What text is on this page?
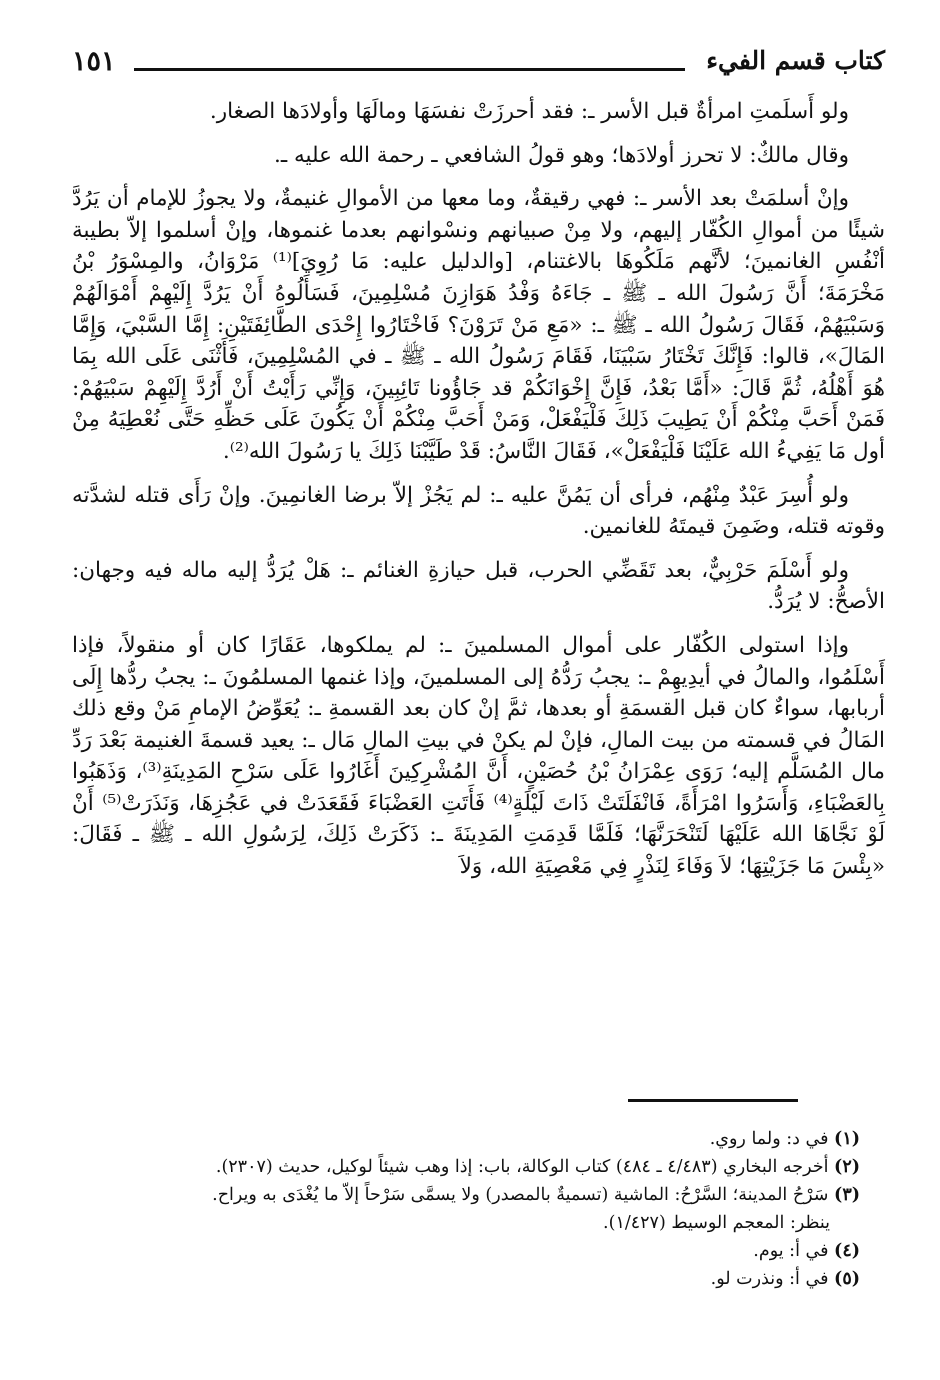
١٥١	كتاب قسم الفيء

ولو أَسلَمتِ امرأةٌ قبل الأسر ـ: فقد أحرزَتْ نفسَهَا ومالَهَا وأولادَها الصغار.

وقال مالكٌ: لا تحرز أولادَها؛ وهو قولُ الشافعي ـ رحمة الله عليه ـ.

وإنْ أسلمَتْ بعد الأسر ـ: فهي رقيقةٌ، وما معها من الأموالِ غنيمةٌ، ولا يجوزُ للإمام أن يَرُدَّ شيئًا من أموالِ الكُفّار إليهم، ولا مِنْ صبيانهم ونسْوانهم بعدما غنموها، وإنْ أسلموا إلاّ بطيبة أنْفُسِ الغانمينَ؛ لأنَّهم مَلَكُوهَا بالاغتنام، [والدليل عليه: مَا رُوِيَ]⁽¹⁾ مَرْوَانُ، والمِسْوَرُ بْنُ مَخْرَمَةَ؛ أَنَّ رَسُولَ الله ـ ﷺ ـ جَاءَهُ وَفْدُ هَوَازِنَ مُسْلِمِينَ، فَسَأَلُوهُ أَنْ يَرُدَّ إِلَيْهِمْ أَمْوَالَهُمْ وَسَبْيَهُمْ، فَقَالَ رَسُولُ الله ـ ﷺ ـ: «مَعِ مَنْ تَرَوْنَ؟ فَاخْتَارُوا إِحْدَى الطَّائِفَتَيْنِ: إِمَّا السَّبْيَ، وَإِمَّا المَالَ»، قالوا: فَإِنَّكَ تَخْتَارُ سَبْيَنَا، فَقَامَ رَسُولُ الله ـ ﷺ ـ في المُسْلِمِينَ، فَأَثْنَى عَلَى الله بِمَا هُوَ أَهْلُهُ، ثُمَّ قَالَ: «أَمَّا بَعْدُ، فَإِنَّ إِخْوَانَكُمْ قد جَاؤُونا تَائِبِينَ، وَإِنِّي رَأَيْتُ أَنْ أَرُدَّ إِلَيْهِمْ سَبْيَهُمْ: فَمَنْ أَحَبَّ مِنْكُمْ أَنْ يَطِيبَ ذَلِكَ فَلْيَفْعَلْ، وَمَنْ أَحَبَّ مِنْكُمْ أَنْ يَكُونَ عَلَى حَظِّهِ حَتَّى نُعْطِيَهُ مِنْ أول مَا يَفِيءُ الله عَلَيْنَا فَلْيَفْعَلْ»، فَقَالَ النَّاسُ: قَدْ طَيَّبْنَا ذَلِكَ يا رَسُولَ الله⁽²⁾.

ولو أُسِرَ عَبْدٌ مِنْهُم، فرأى أن يَمُنَّ عليه ـ: لم يَجُزْ إلاّ برضا الغانمِينَ. وإنْ رَأَى قتله لشدَّته وقوته قتله، وضَمِنَ قيمتَهُ للغانمين.

ولو أَسْلَمَ حَرْبِيٌّ، بعد تَقَضِّي الحرب، قبل حيازةِ الغنائم ـ: هَلْ يُرَدُّ إليه ماله فيه وجهان: الأصحُّ: لا يُرَدُّ.

وإذا استولى الكُفّار على أموال المسلمينَ ـ: لم يملكوها، عَقَارًا كان أو منقولاً، فإذا أَسْلَمُوا، والمالُ في أيدِيهِمْ ـ: يجبُ رَدُّهُ إلى المسلمينَ، وإذا غنمها المسلمُونَ ـ: يجبُ ردُّها إِلَى أربابها، سواءٌ كان قبل القسمَةِ أو بعدها، ثمَّ إنْ كان بعد القسمةِ ـ: يُعَوِّضُ الإمامِ مَنْ وقع ذلك المَالُ في قسمته من بيت المالِ، فإنْ لم يكنْ في بيتِ المالِ مَال ـ: يعيد قسمةَ الغنيمة بَعْدَ رَدِّ مال المُسَلَّم إليه؛ رَوَى عِمْرَانُ بْنُ حُصَيْنٍ، أَنَّ المُشْرِكِينَ أَغَارُوا عَلَى سَرْحِ المَدِينَةِ⁽³⁾، وَذَهَبُوا بِالعَضْبَاءِ، وَأَسَرُوا امْرَأَةً، فَانْفَلَتَتْ ذَاتَ لَيْلَةٍ⁽⁴⁾ فَأَتَتِ العَضْبَاءَ فَقَعَدَتْ في عَجُزِهَا، وَنَذَرَتْ⁽⁵⁾ أَنْ لَوْ نَجَّاهَا الله عَلَيْهَا لَتَنْحَرَنَّهَا؛ فَلَمَّا قَدِمَتِ المَدِينَةَ ـ: ذَكَرَتْ ذَلِكَ، لِرَسُولِ الله ـ ﷺ ـ فَقَالَ: «بِئْسَ مَا جَزَيْتِهَا؛ لاَ وَفَاءَ لِنَذْرٍ فِي مَعْصِيَةِ الله، وَلاَ

(١) في د: ولما روي.

(٢) أخرجه البخاري (٤/٤٨٣ ـ ٤٨٤) كتاب الوكالة، باب: إذا وهب شيئاً لوكيل، حديث (٢٣٠٧).

(٣) سَرْحُ المدينة؛ السَّرْحُ: الماشية (تسميةٌ بالمصدر) ولا يسمَّى سَرْحاً إلاّ ما يُغْدَى به ويراح.

ينظر: المعجم الوسيط (١/٤٢٧).

(٤) في أ: يوم.

(٥) في أ: ونذرت لو.
